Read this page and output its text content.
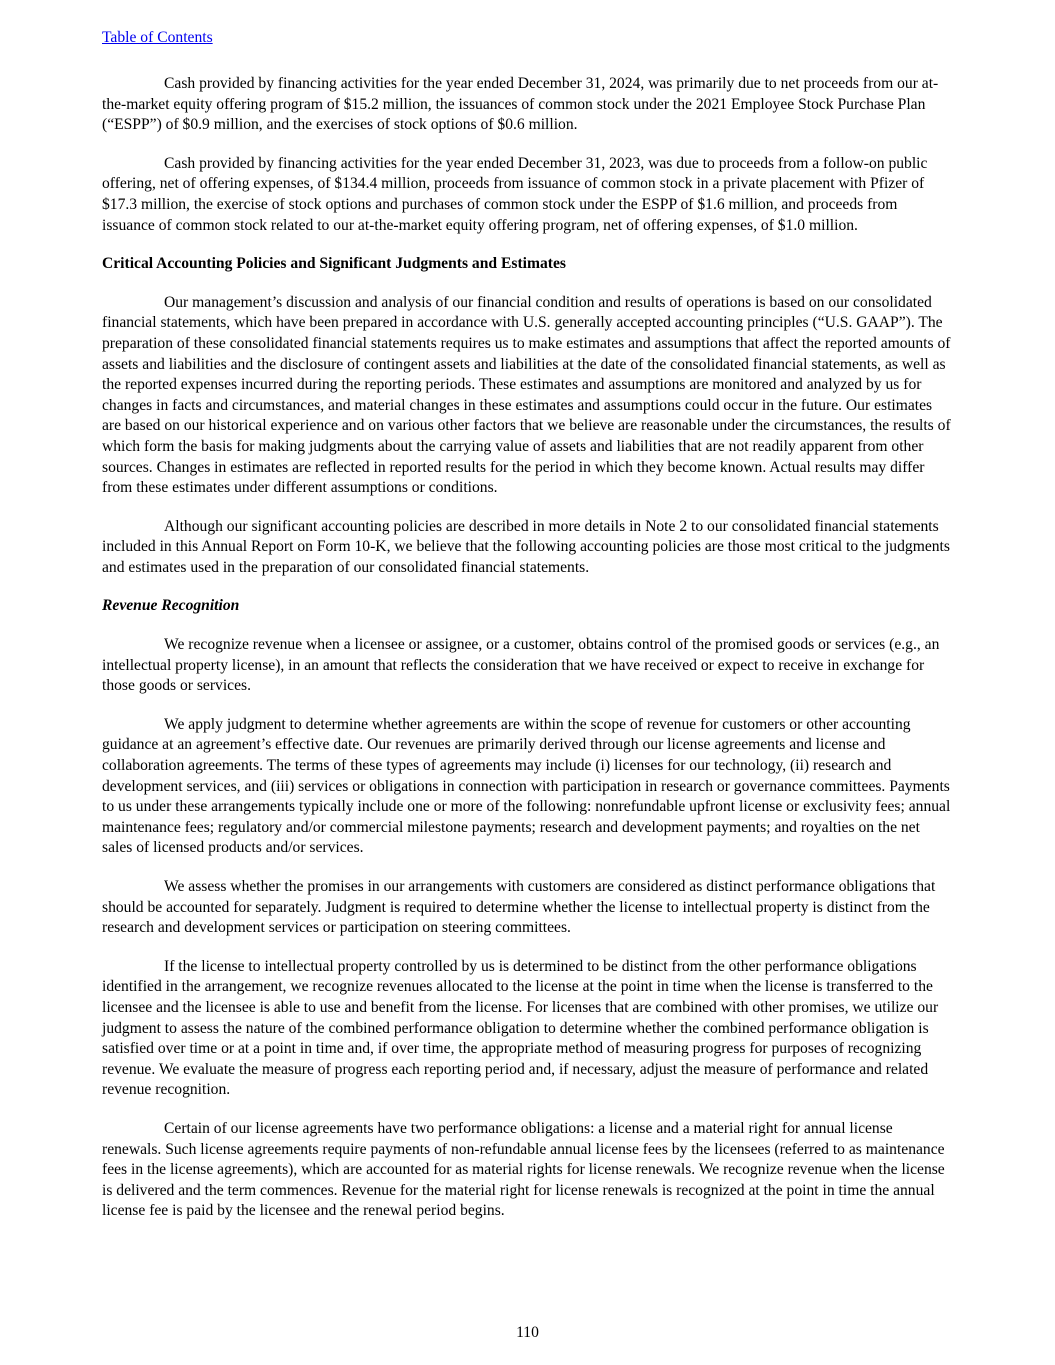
Table of Contents

Cash provided by financing activities for the year ended December 31, 2024, was primarily due to net proceeds from our at-the-market equity offering program of $15.2 million, the issuances of common stock under the 2021 Employee Stock Purchase Plan (“ESPP”) of $0.9 million, and the exercises of stock options of $0.6 million.

Cash provided by financing activities for the year ended December 31, 2023, was due to proceeds from a follow-on public offering, net of offering expenses, of $134.4 million, proceeds from issuance of common stock in a private placement with Pfizer of $17.3 million, the exercise of stock options and purchases of common stock under the ESPP of $1.6 million, and proceeds from issuance of common stock related to our at-the-market equity offering program, net of offering expenses, of $1.0 million.

Critical Accounting Policies and Significant Judgments and Estimates

Our management’s discussion and analysis of our financial condition and results of operations is based on our consolidated financial statements, which have been prepared in accordance with U.S. generally accepted accounting principles (“U.S. GAAP”). The preparation of these consolidated financial statements requires us to make estimates and assumptions that affect the reported amounts of assets and liabilities and the disclosure of contingent assets and liabilities at the date of the consolidated financial statements, as well as the reported expenses incurred during the reporting periods. These estimates and assumptions are monitored and analyzed by us for changes in facts and circumstances, and material changes in these estimates and assumptions could occur in the future. Our estimates are based on our historical experience and on various other factors that we believe are reasonable under the circumstances, the results of which form the basis for making judgments about the carrying value of assets and liabilities that are not readily apparent from other sources. Changes in estimates are reflected in reported results for the period in which they become known. Actual results may differ from these estimates under different assumptions or conditions.

Although our significant accounting policies are described in more details in Note 2 to our consolidated financial statements included in this Annual Report on Form 10-K, we believe that the following accounting policies are those most critical to the judgments and estimates used in the preparation of our consolidated financial statements.

Revenue Recognition

We recognize revenue when a licensee or assignee, or a customer, obtains control of the promised goods or services (e.g., an intellectual property license), in an amount that reflects the consideration that we have received or expect to receive in exchange for those goods or services.

We apply judgment to determine whether agreements are within the scope of revenue for customers or other accounting guidance at an agreement’s effective date. Our revenues are primarily derived through our license agreements and license and collaboration agreements. The terms of these types of agreements may include (i) licenses for our technology, (ii) research and development services, and (iii) services or obligations in connection with participation in research or governance committees. Payments to us under these arrangements typically include one or more of the following: nonrefundable upfront license or exclusivity fees; annual maintenance fees; regulatory and/or commercial milestone payments; research and development payments; and royalties on the net sales of licensed products and/or services.

We assess whether the promises in our arrangements with customers are considered as distinct performance obligations that should be accounted for separately. Judgment is required to determine whether the license to intellectual property is distinct from the research and development services or participation on steering committees.

If the license to intellectual property controlled by us is determined to be distinct from the other performance obligations identified in the arrangement, we recognize revenues allocated to the license at the point in time when the license is transferred to the licensee and the licensee is able to use and benefit from the license. For licenses that are combined with other promises, we utilize our judgment to assess the nature of the combined performance obligation to determine whether the combined performance obligation is satisfied over time or at a point in time and, if over time, the appropriate method of measuring progress for purposes of recognizing revenue. We evaluate the measure of progress each reporting period and, if necessary, adjust the measure of performance and related revenue recognition.

Certain of our license agreements have two performance obligations: a license and a material right for annual license renewals. Such license agreements require payments of non-refundable annual license fees by the licensees (referred to as maintenance fees in the license agreements), which are accounted for as material rights for license renewals. We recognize revenue when the license is delivered and the term commences. Revenue for the material right for license renewals is recognized at the point in time the annual license fee is paid by the licensee and the renewal period begins.

110
